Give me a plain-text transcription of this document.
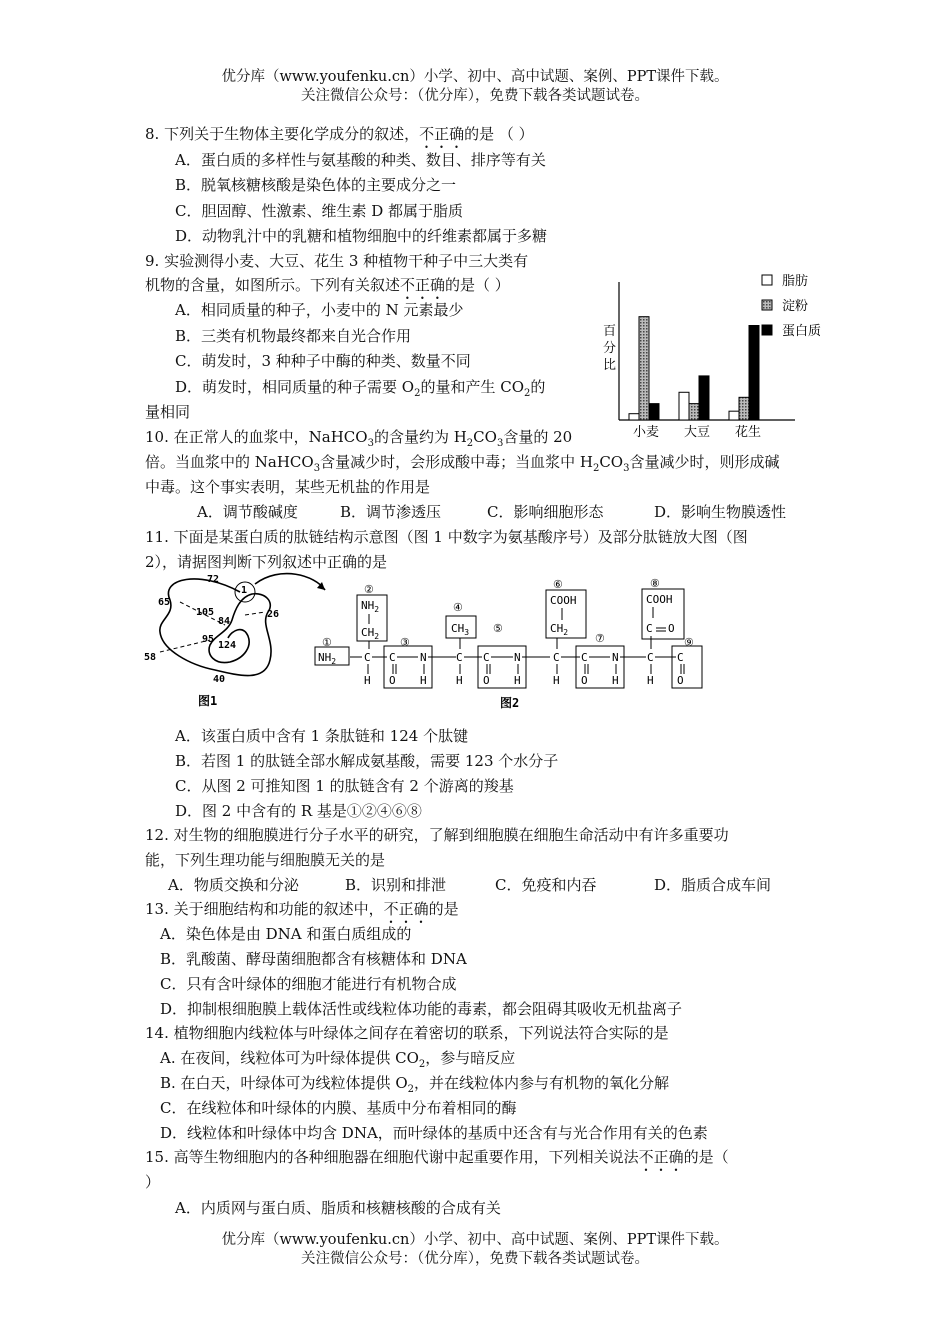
优分库（www.youfenku.cn）小学、初中、高中试题、案例、PPT课件下载。
关注微信公众号：（优分库），免费下载各类试题试卷。
8. 下列关于生物体主要化学成分的叙述，不正确的是 （ ）
A．蛋白质的多样性与氨基酸的种类、数目、排序等有关
B．脱氧核糖核酸是染色体的主要成分之一
C．胆固醇、性激素、维生素 D 都属于脂质
D．动物乳汁中的乳糖和植物细胞中的纤维素都属于多糖
9. 实验测得小麦、大豆、花生 3 种植物干种子中三大类有
机物的含量，如图所示。下列有关叙述不正确的是（ ）
A．相同质量的种子，小麦中的 N 元素最少
B．三类有机物最终都来自光合作用
C．萌发时，3 种种子中酶的种类、数量不同
D．萌发时，相同质量的种子需要 $O_2$的量和产生 $CO_2$的
量相同
百
分
比
小麦 大豆 花生
脂肪
淀粉
蛋白质
10. 在正常人的血浆中，NaHCO$_3$的含量约为 $H_2CO_3$含量的 20
倍。当血浆中的 NaHCO$_3$含量减少时，会形成酸中毒；当血浆中 $H_2CO_3$含量减少时，则形成碱
中毒。这个事实表明，某些无机盐的作用是
A．调节酸碱度	B．调节渗透压	C．影响细胞形态	D．影响生物膜透性
11. 下面是某蛋白质的肽链结构示意图（图 1 中数字为氨基酸序号）及部分肽链放大图（图
2），请据图判断下列叙述中正确的是
72
1
65
105
84
26
95
124
58
40
图1
①
②
③
④
⑤
⑥
⑦
⑧
⑨
$NH_2$
$CH_2$
$CH_3$
COOH
$CH_2$
COOH
C O
$NH_2$	C
H
C
O
N
H
C
H
C
O
N
H
C
H
C
O
N
H
C
H
C
O
图2
A．该蛋白质中含有 1 条肽链和 124 个肽键
B．若图 1 的肽链全部水解成氨基酸，需要 123 个水分子
C．从图 2 可推知图 1 的肽链含有 2 个游离的羧基
D．图 2 中含有的 R 基是①②④⑥⑧
12. 对生物的细胞膜进行分子水平的研究，了解到细胞膜在细胞生命活动中有许多重要功
能，下列生理功能与细胞膜无关的是
A．物质交换和分泌	B．识别和排泄	C．免疫和内吞	D．脂质合成车间
13. 关于细胞结构和功能的叙述中，不正确的是
A．染色体是由 DNA 和蛋白质组成的
B．乳酸菌、酵母菌细胞都含有核糖体和 DNA
C．只有含叶绿体的细胞才能进行有机物合成
D．抑制根细胞膜上载体活性或线粒体功能的毒素，都会阻碍其吸收无机盐离子
14. 植物细胞内线粒体与叶绿体之间存在着密切的联系，下列说法符合实际的是
A. 在夜间，线粒体可为叶绿体提供 $CO_2$，参与暗反应
B. 在白天，叶绿体可为线粒体提供 $O_2$，并在线粒体内参与有机物的氧化分解
C．在线粒体和叶绿体的内膜、基质中分布着相同的酶
D．线粒体和叶绿体中均含 DNA，而叶绿体的基质中还含有与光合作用有关的色素
15. 高等生物细胞内的各种细胞器在细胞代谢中起重要作用，下列相关说法不正确的是（
）
A．内质网与蛋白质、脂质和核糖核酸的合成有关
优分库（www.youfenku.cn）小学、初中、高中试题、案例、PPT课件下载。
关注微信公众号：（优分库），免费下载各类试题试卷。
